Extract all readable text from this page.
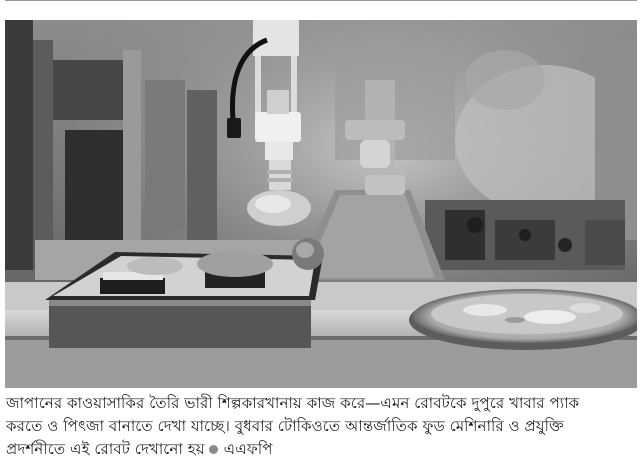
জাপানের কাওয়াসাকির তৈরি ভারী শিল্পকারখানায় কাজ করে—এমন রোবটকে দুপুরে খাবার প্যাক

করতে ও পিৎজা বানাতে দেখা যাচ্ছে। বুধবার টোকিওতে আন্তর্জাতিক ফুড মেশিনারি ও প্রযুক্তি

প্রদর্শনীতে এই রোবট দেখানো হয় এএফপি
